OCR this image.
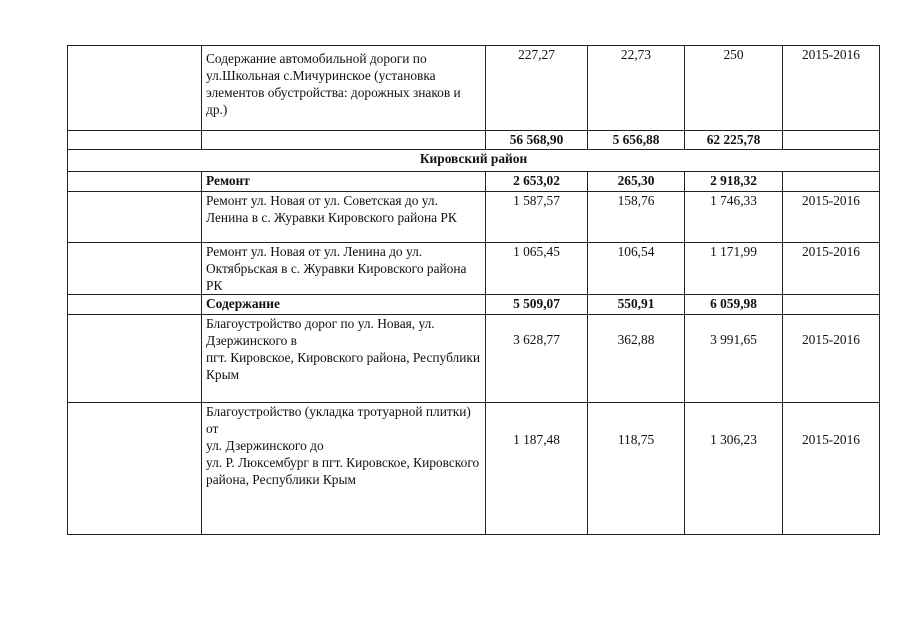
	Содержание автомобильной дороги по ул.Школьная с.Мичуринское (установка элементов обустройства: дорожных знаков и др.)	227,27	22,73	250	2015-2016
		56 568,90	5 656,88	62 225,78	
Кировский район					
	Ремонт	2 653,02	265,30	2 918,32	
	Ремонт ул. Новая от ул. Советская до ул. Ленина в с. Журавки Кировского района РК	1 587,57	158,76	1 746,33	2015-2016
	Ремонт ул. Новая от ул. Ленина до ул. Октябрьская в с. Журавки Кировского района РК	1 065,45	106,54	1 171,99	2015-2016
	Содержание	5 509,07	550,91	6 059,98	
	Благоустройство дорог по ул. Новая, ул. Дзержинского в
пгт. Кировское, Кировского района, Республики Крым	3 628,77	362,88	3 991,65	2015-2016
	Благоустройство (укладка тротуарной плитки) от
ул. Дзержинского до
ул. Р. Люксембург в пгт. Кировское, Кировского района, Республики Крым	1 187,48	118,75	1 306,23	2015-2016
